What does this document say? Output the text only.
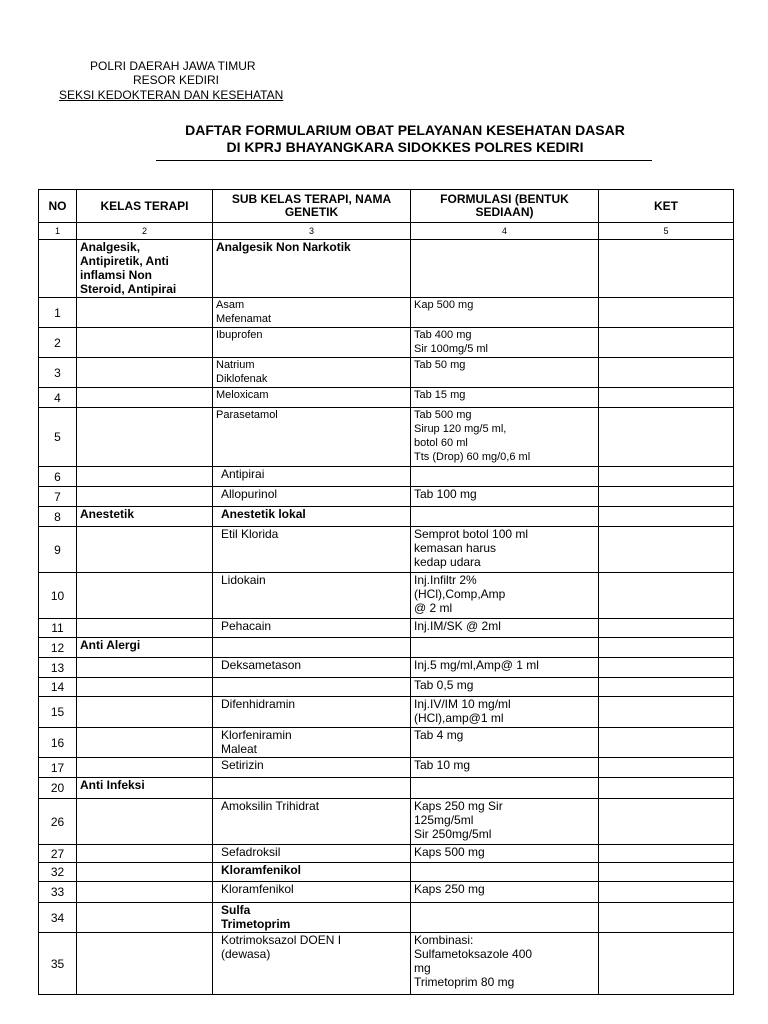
POLRI DAERAH JAWA TIMUR
RESOR KEDIRI
SEKSI KEDOKTERAN DAN KESEHATAN
DAFTAR FORMULARIUM OBAT PELAYANAN KESEHATAN DASAR
DI KPRJ BHAYANGKARA SIDOKKES POLRES KEDIRI
NO	KELAS TERAPI	SUB KELAS TERAPI, NAMA GENETIK	FORMULASI (BENTUK SEDIAAN)	KET
1	2	3	4	5
	Analgesik,
Antipiretik, Anti
inflamsi Non
Steroid, Antipirai	Analgesik Non Narkotik		
1		Asam
Mefenamat	Kap 500 mg	
2		Ibuprofen	Tab 400 mg
Sir 100mg/5 ml	
3		Natrium
Diklofenak	Tab 50 mg	
4		Meloxicam	Tab 15 mg	
5		Parasetamol	Tab 500 mg
Sirup 120 mg/5 ml,
botol 60 ml
Tts (Drop) 60 mg/0,6 ml	
6		Antipirai		
7		Allopurinol	Tab 100 mg	
8	Anestetik	Anestetik lokal		
9		Etil Klorida	Semprot botol 100 ml
kemasan harus
kedap udara	
10		Lidokain	Inj.Infiltr 2%
(HCl),Comp,Amp
@ 2 ml	
11		Pehacain	Inj.IM/SK @ 2ml	
12	Anti Alergi			
13		Deksametason	Inj.5 mg/ml,Amp@ 1 ml	
14			Tab 0,5 mg	
15		Difenhidramin	Inj.IV/IM 10 mg/ml
(HCl),amp@1 ml	
16		Klorfeniramin
Maleat	Tab 4 mg	
17		Setirizin	Tab 10 mg	
20	Anti Infeksi			
26		Amoksilin Trihidrat	Kaps 250 mg Sir
125mg/5ml
Sir 250mg/5ml	
27		Sefadroksil	Kaps 500 mg	
32		Kloramfenikol		
33		Kloramfenikol	Kaps 250 mg	
34		Sulfa
Trimetoprim		
35		Kotrimoksazol DOEN I
(dewasa)	Kombinasi:
Sulfametoksazole 400
mg
Trimetoprim 80 mg	
